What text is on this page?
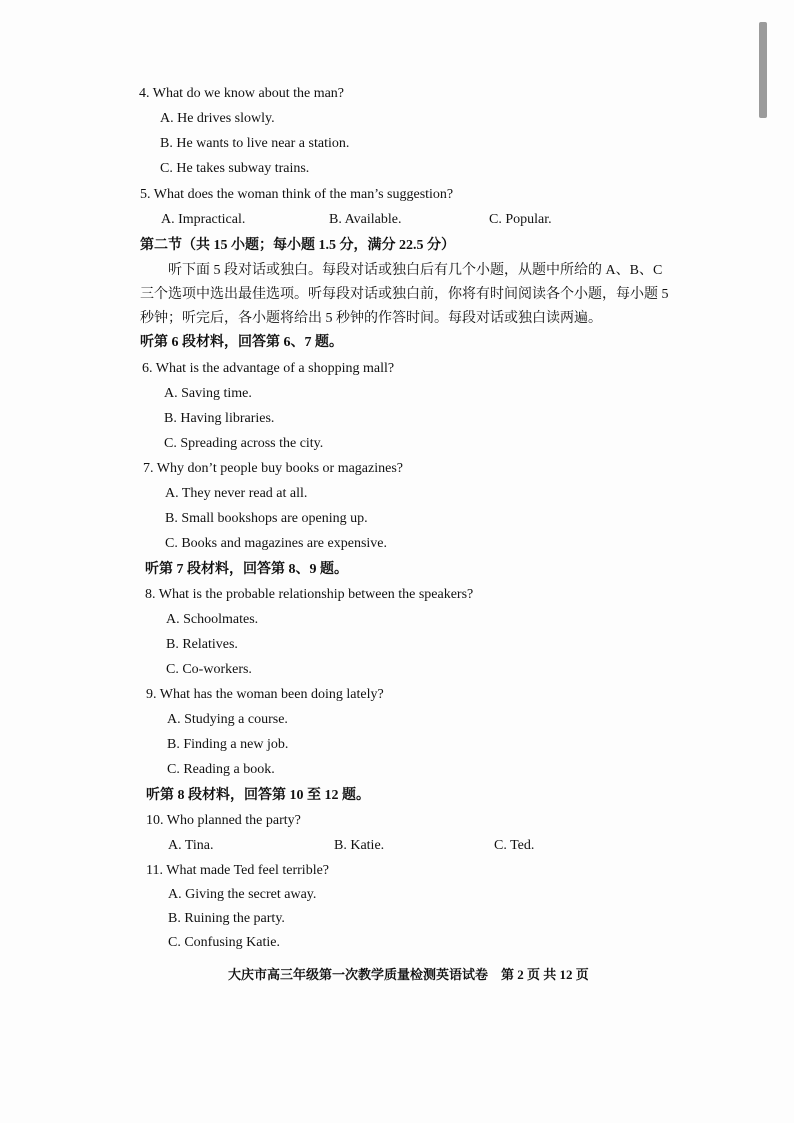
4. What do we know about the man?
A. He drives slowly.
B. He wants to live near a station.
C. He takes subway trains.
5. What does the woman think of the man’s suggestion?
A. Impractical.	B. Available.	C. Popular.
第二节（共 15 小题；每小题 1.5 分，满分 22.5 分）
听下面 5 段对话或独白。每段对话或独白后有几个小题，从题中所给的 A、B、C
三个选项中选出最佳选项。听每段对话或独白前，你将有时间阅读各个小题，每小题 5
秒钟；听完后，各小题将给出 5 秒钟的作答时间。每段对话或独白读两遍。
听第 6 段材料，回答第 6、7 题。
6. What is the advantage of a shopping mall?
A. Saving time.
B. Having libraries.
C. Spreading across the city.
7. Why don’t people buy books or magazines?
A. They never read at all.
B. Small bookshops are opening up.
C. Books and magazines are expensive.
听第 7 段材料，回答第 8、9 题。
8. What is the probable relationship between the speakers?
A. Schoolmates.
B. Relatives.
C. Co-workers.
9. What has the woman been doing lately?
A. Studying a course.
B. Finding a new job.
C. Reading a book.
听第 8 段材料，回答第 10 至 12 题。
10. Who planned the party?
A. Tina.	B. Katie.	C. Ted.
11. What made Ted feel terrible?
A. Giving the secret away.
B. Ruining the party.
C. Confusing Katie.
大庆市高三年级第一次教学质量检测英语试卷　第 2 页 共 12 页
